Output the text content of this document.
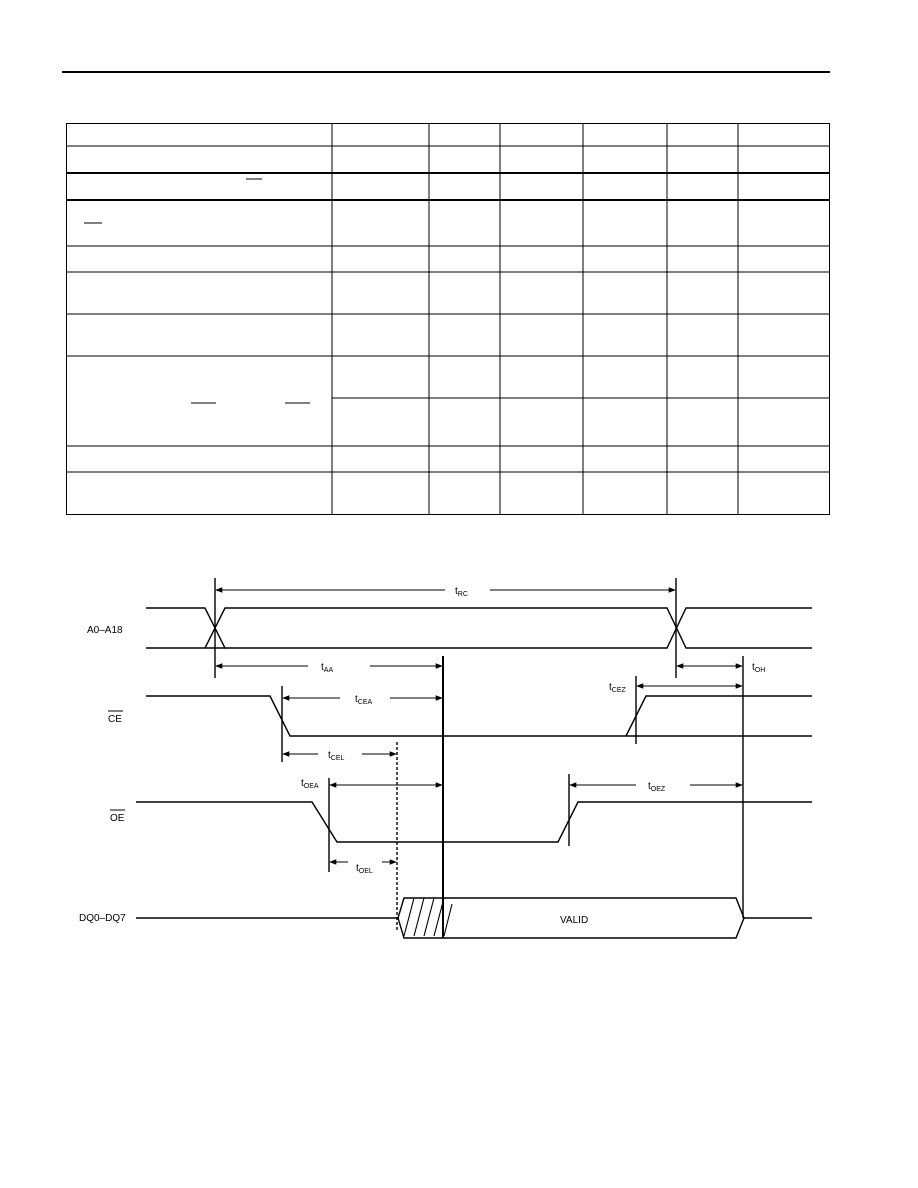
A0–A18
CE
OE
DQ0–DQ7	VALID
$t_{RC}$
$t_{AA}$	$t_{OH}$
$t_{CEZ}$
$t_{CEA}$
$t_{CEL}$
$t_{OEA}$	$t_{OEZ}$
$t_{OEL}$
